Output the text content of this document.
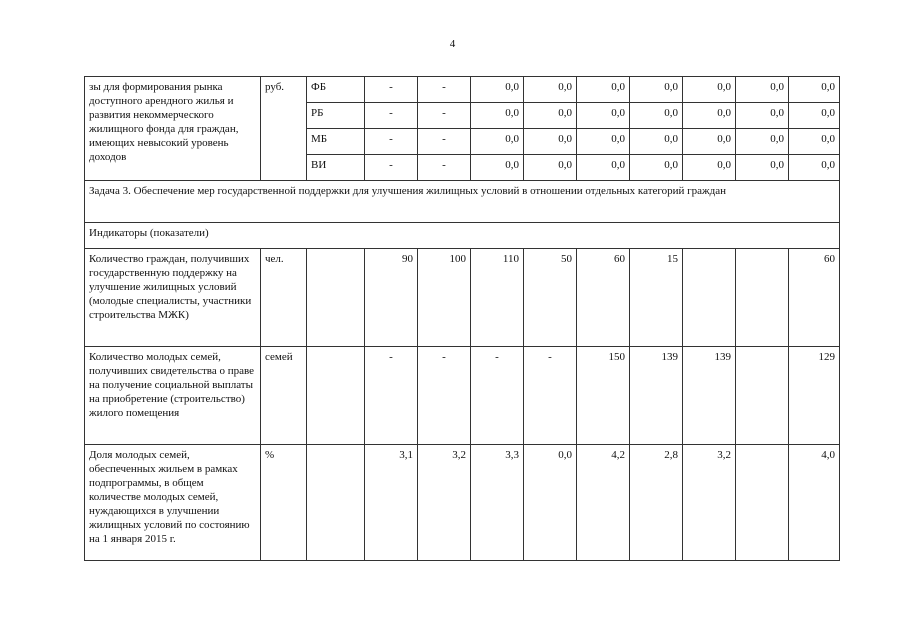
4
зы для формирования рынка доступного арендного жилья и развития некоммерческого жилищного фонда для граждан, имеющих невысокий уровень доходов	руб.	ФБ	-	-	0,0	0,0	0,0	0,0	0,0	0,0	0,0
		РБ	-	-	0,0	0,0	0,0	0,0	0,0	0,0	0,0
		МБ	-	-	0,0	0,0	0,0	0,0	0,0	0,0	0,0
		ВИ	-	-	0,0	0,0	0,0	0,0	0,0	0,0	0,0
Задача 3. Обеспечение мер государственной поддержки для улучшения жилищных условий в отношении отдельных категорий граждан											
Индикаторы (показатели)											
Количество граждан, получивших государственную поддержку на улучшение жилищных условий (молодые специалисты, участники строительства МЖК)	чел.		90	100	110	50	60	15			60
Количество молодых семей, получивших свидетельства о праве на получение социальной выплаты на приобретение (строительство) жилого помещения	семей		-	-	-	-	150	139	139		129
Доля молодых семей, обеспеченных жильем в рамках подпрограммы, в общем количестве молодых семей, нуждающихся в улучшении жилищных условий по состоянию на 1 января 2015 г.	%		3,1	3,2	3,3	0,0	4,2	2,8	3,2		4,0
